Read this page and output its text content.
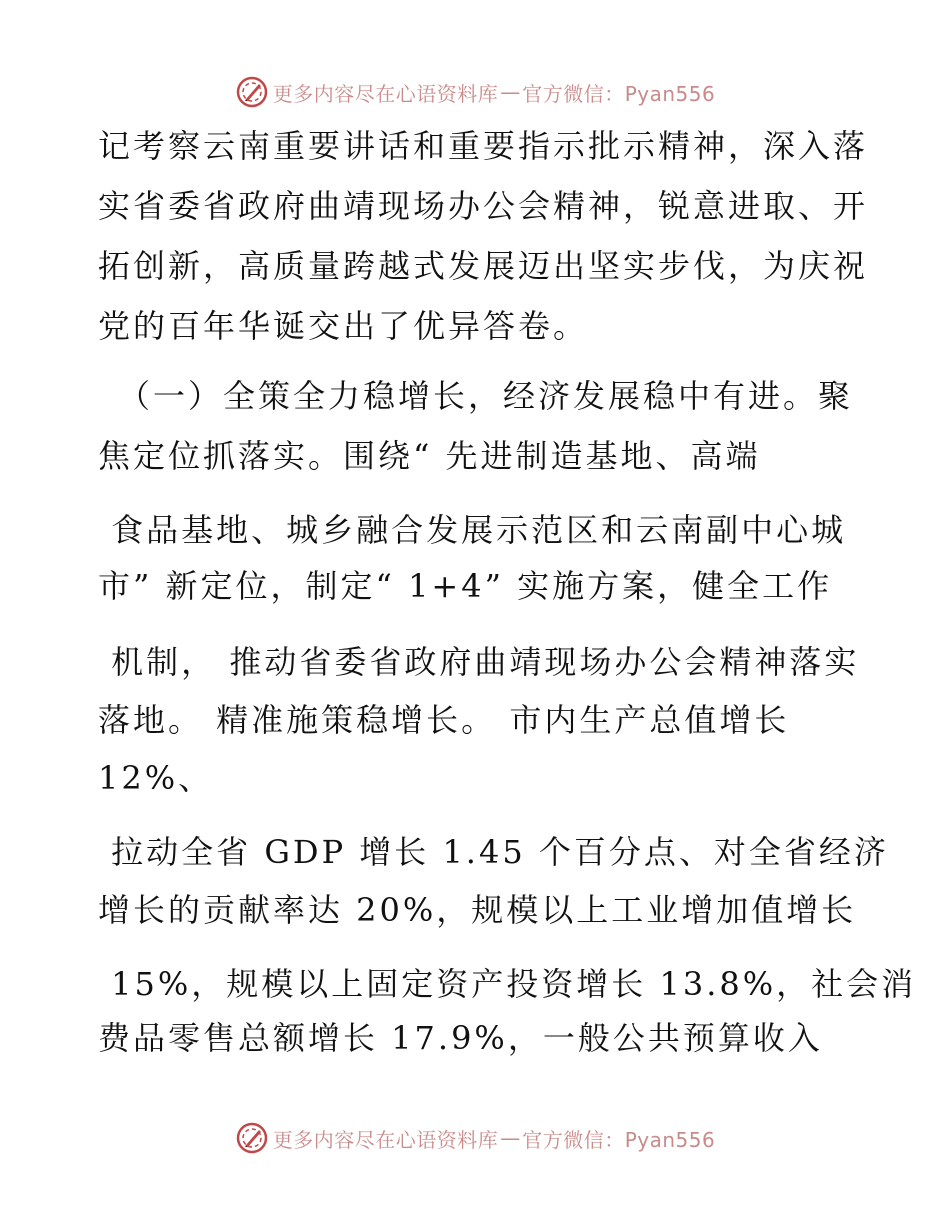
更多内容尽在心语资料库 — 官方微信：Pyan556
记考察云南重要讲话和重要指示批示精神，深入落
实省委省政府曲靖现场办公会精神，锐意进取、开
拓创新，高质量跨越式发展迈出坚实步伐，为庆祝
党的百年华诞交出了优异答卷。
（一）全策全力稳增长，经济发展稳中有进。聚
焦定位抓落实。围绕“ 先进制造基地、高端
食品基地、城乡融合发展示范区和云南副中心城
市” 新定位，制定“ 1+4” 实施方案，健全工作
机制， 推动省委省政府曲靖现场办公会精神落实
落地。 精准施策稳增长。 市内生产总值增长
12%、
拉动全省 GDP 增长 1.45 个百分点、对全省经济
增长的贡献率达 20%，规模以上工业增加值增长
15%，规模以上固定资产投资增长 13.8%，社会消
费品零售总额增长 17.9%，一般公共预算收入
更多内容尽在心语资料库 — 官方微信：Pyan556
